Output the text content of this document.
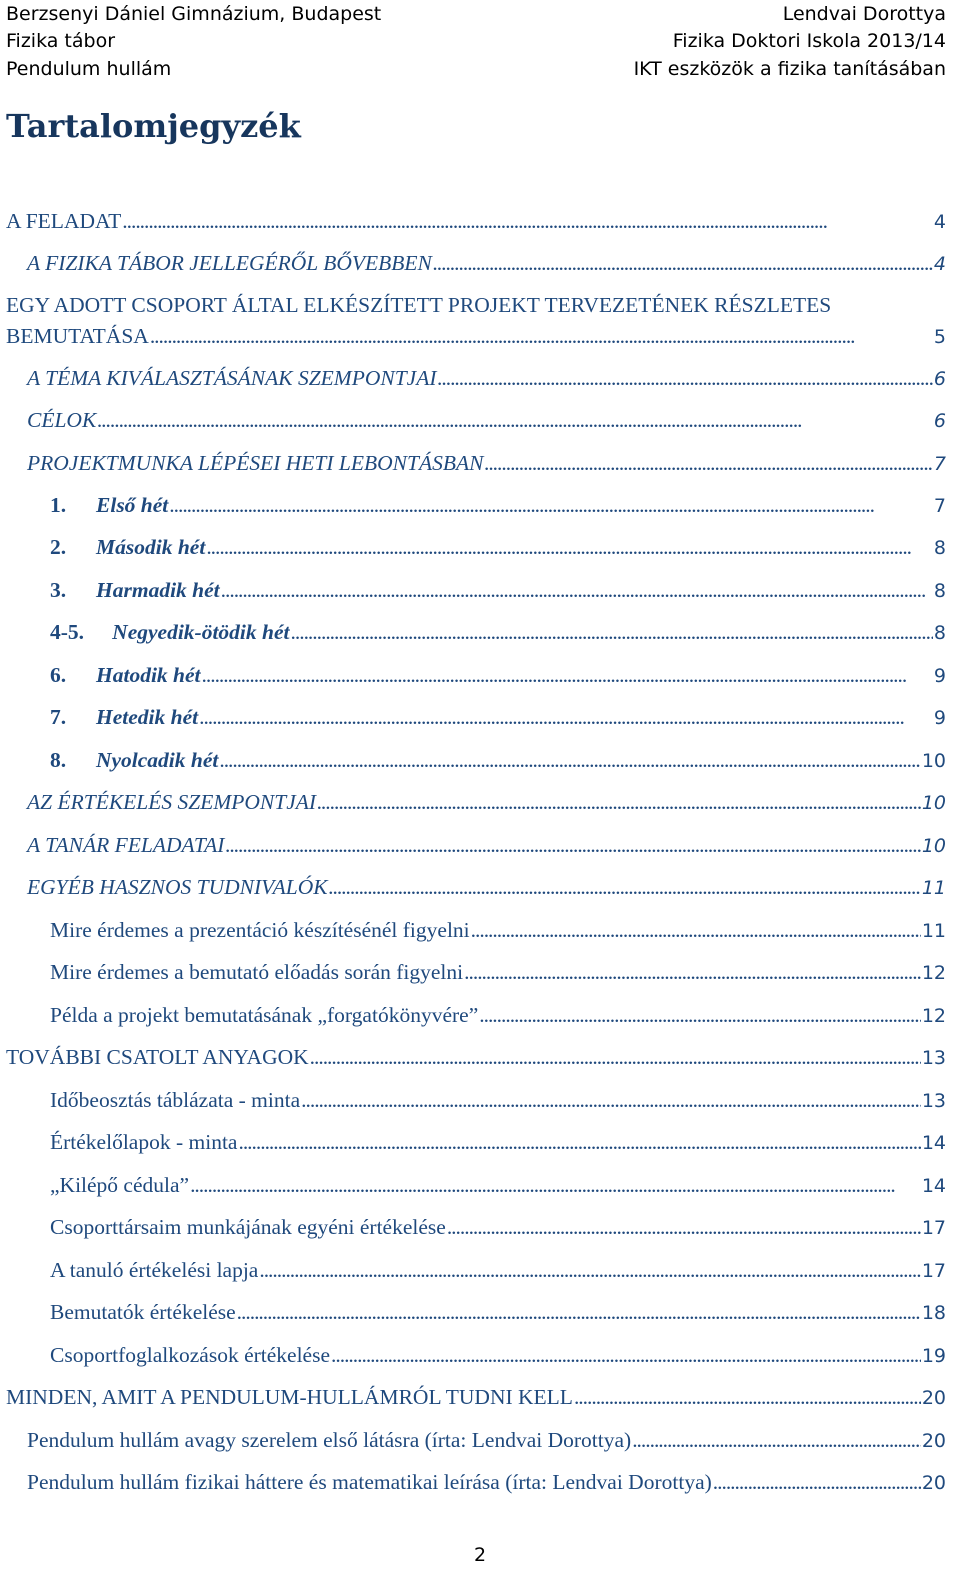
Berzsenyi Dániel Gimnázium, Budapest	Lendvai Dorottya
Fizika tábor	Fizika Doktori Iskola 2013/14
Pendulum hullám	IKT eszközök a fizika tanításában
Tartalomjegyzék
A FELADAT . . .	4
A FIZIKA TÁBOR JELLEGÉRŐL BŐVEBBEN . . .	4
EGY ADOTT CSOPORT ÁLTAL ELKÉSZÍTETT PROJEKT TERVEZETÉNEK RÉSZLETES
BEMUTATÁSA . . .	5
A TÉMA KIVÁLASZTÁSÁNAK SZEMPONTJAI . . .	6
CÉLOK . . .	6
PROJEKTMUNKA LÉPÉSEI HETI LEBONTÁSBAN . . .	7
1.	Első hét . . .	7
2.	Második hét . . .	8
3.	Harmadik hét . . .	8
4-5.	Negyedik-ötödik hét . . .	8
6.	Hatodik hét . . .	9
7.	Hetedik hét . . .	9
8.	Nyolcadik hét . . .	10
AZ ÉRTÉKELÉS SZEMPONTJAI . . .	10
A TANÁR FELADATAI . . .	10
EGYÉB HASZNOS TUDNIVALÓK . . .	11
Mire érdemes a prezentáció készítésénél figyelni . . .	11
Mire érdemes a bemutató előadás során figyelni . . .	12
Példa a projekt bemutatásának „forgatókönyvére” . . .	12
TOVÁBBI CSATOLT ANYAGOK . . .	13
Időbeosztás táblázata - minta . . .	13
Értékelőlapok - minta . . .	14
„Kilépő cédula” . . .	14
Csoporttársaim munkájának egyéni értékelése . . .	17
A tanuló értékelési lapja . . .	17
Bemutatók értékelése . . .	18
Csoportfoglalkozások értékelése . . .	19
MINDEN, AMIT A PENDULUM-HULLÁMRÓL TUDNI KELL . . .	20
Pendulum hullám avagy szerelem első látásra (írta: Lendvai Dorottya) . . .	20
Pendulum hullám fizikai háttere és matematikai leírása (írta: Lendvai Dorottya) . . .	20
2
